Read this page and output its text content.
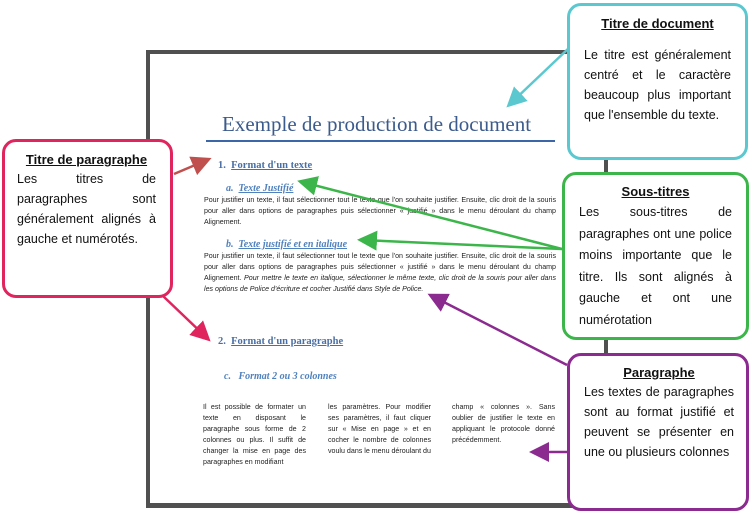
Exemple de production de document
1. Format d'un texte
a. Texte Justifié
Pour justifier un texte, il faut sélectionner tout le texte que l'on souhaite justifier. Ensuite, clic droit de la souris pour aller dans options de paragraphes puis sélectionner « justifié » dans le menu déroulant du champ Alignement.
b. Texte justifié et en italique
Pour justifier un texte, il faut sélectionner tout le texte que l'on souhaite justifier. Ensuite, clic droit de la souris pour aller dans options de paragraphes puis sélectionner « justifié » dans le menu déroulant du champ Alignement. Pour mettre le texte en italique, sélectionner le même texte, clic droit de la souris pour aller dans les options de Police d'écriture et cocher Justifié dans Style de Police.
2. Format d'un paragraphe
c. Format 2 ou 3 colonnes
Il est possible de formater un texte en disposant le paragraphe sous forme de 2 colonnes ou plus. Il suffit de changer la mise en page des paragraphes en modifiant
les paramètres. Pour modifier ses paramètres, il faut cliquer sur « Mise en page » et en cocher le nombre de colonnes voulu dans le menu déroulant du
champ « colonnes ». Sans oublier de justifier le texte en appliquant le protocole donné précédemment.
Titre de document

Le titre est généralement centré et le caractère beaucoup plus important que l'ensemble du texte.

Titre de paragraphe

Les titres de paragraphes sont généralement alignés à gauche et numérotés.

Sous-titres

Les sous-titres de paragraphes ont une police moins importante que le titre. Ils sont alignés à gauche et ont une numérotation

Paragraphe

Les textes de paragraphes sont au format justifié et peuvent se présenter en une ou plusieurs colonnes
